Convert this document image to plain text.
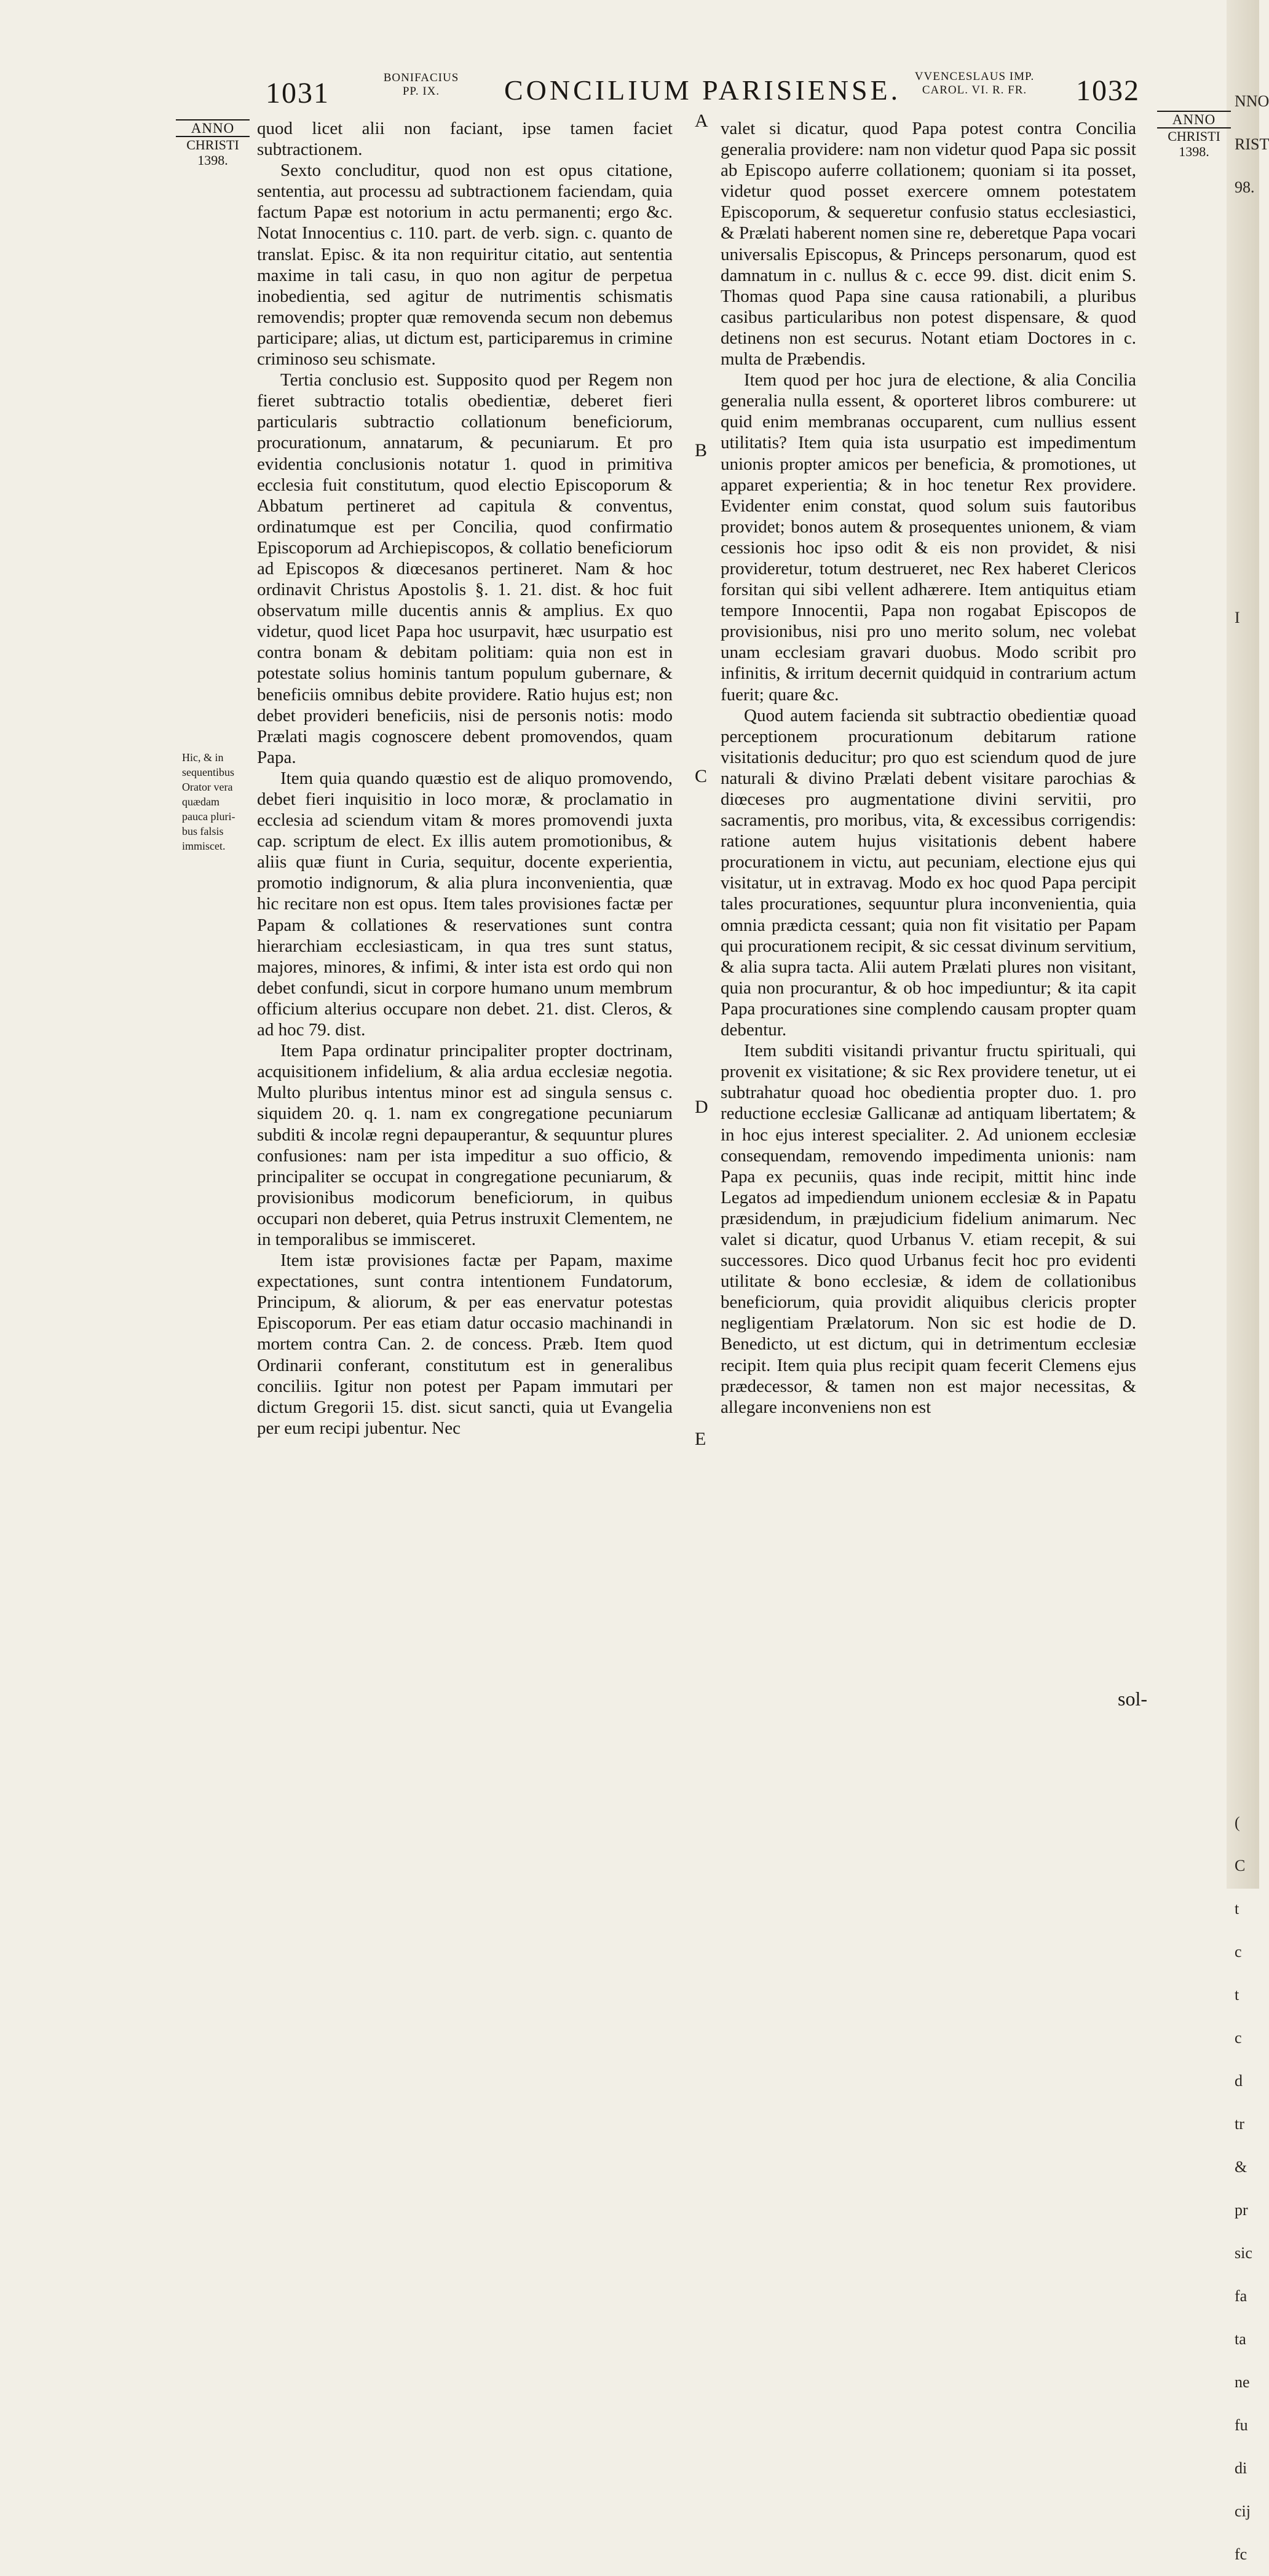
NNO
RIST
98.
I
(
C
t
c
t
c
d
tr
&
pr
sic
fa
ta
ne
fu
di
cij
fc
1031	BONIFACIUS
PP. IX.	CONCILIUM PARISIENSE.	VVENCESLAUS IMP.
CAROL. VI. R. FR.	1032
ANNO
CHRISTI
1398.
ANNO
CHRISTI
1398.
Hic, & in
sequentibus
Orator vera
quædam
pauca pluri-
bus falsis
immiscet.
A
B
C
D
E

quod licet alii non faciant, ipse tamen faciet subtractionem.

Sexto concluditur, quod non est opus citatione, sententia, aut processu ad subtractionem faciendam, quia factum Papæ est notorium in actu permanenti; ergo &c. Notat Innocentius c. 110. part. de verb. sign. c. quanto de translat. Episc. & ita non requiritur citatio, aut sententia maxime in tali casu, in quo non agitur de perpetua inobedientia, sed agitur de nutrimentis schismatis removendis; propter quæ removenda secum non debemus participare; alias, ut dictum est, participaremus in crimine criminoso seu schismate.

Tertia conclusio est. Supposito quod per Regem non fieret subtractio totalis obedientiæ, deberet fieri particularis subtractio collationum beneficiorum, procurationum, annatarum, & pecuniarum. Et pro evidentia conclusionis notatur 1. quod in primitiva ecclesia fuit constitutum, quod electio Episcoporum & Abbatum pertineret ad capitula & conventus, ordinatumque est per Concilia, quod confirmatio Episcoporum ad Archiepiscopos, & collatio beneficiorum ad Episcopos & diœcesanos pertineret. Nam & hoc ordinavit Christus Apostolis §. 1. 21. dist. & hoc fuit observatum mille ducentis annis & amplius. Ex quo videtur, quod licet Papa hoc usurpavit, hæc usurpatio est contra bonam & debitam politiam: quia non est in potestate solius hominis tantum populum gubernare, & beneficiis omnibus debite providere. Ratio hujus est; non debet provideri beneficiis, nisi de personis notis: modo Prælati magis cognoscere debent promovendos, quam Papa.

Item quia quando quæstio est de aliquo promovendo, debet fieri inquisitio in loco moræ, & proclamatio in ecclesia ad sciendum vitam & mores promovendi juxta cap. scriptum de elect. Ex illis autem promotionibus, & aliis quæ fiunt in Curia, sequitur, docente experientia, promotio indignorum, & alia plura inconvenientia, quæ hic recitare non est opus. Item tales provisiones factæ per Papam & collationes & reservationes sunt contra hierarchiam ecclesiasticam, in qua tres sunt status, majores, minores, & infimi, & inter ista est ordo qui non debet confundi, sicut in corpore humano unum membrum officium alterius occupare non debet. 21. dist. Cleros, & ad hoc 79. dist.

Item Papa ordinatur principaliter propter doctrinam, acquisitionem infidelium, & alia ardua ecclesiæ negotia. Multo pluribus intentus minor est ad singula sensus c. siquidem 20. q. 1. nam ex congregatione pecuniarum subditi & incolæ regni depauperantur, & sequuntur plures confusiones: nam per ista impeditur a suo officio, & principaliter se occupat in congregatione pecuniarum, & provisionibus modicorum beneficiorum, in quibus occupari non deberet, quia Petrus instruxit Clementem, ne in temporalibus se immisceret.

Item istæ provisiones factæ per Papam, maxime expectationes, sunt contra intentionem Fundatorum, Principum, & aliorum, & per eas enervatur potestas Episcoporum. Per eas etiam datur occasio machinandi in mortem contra Can. 2. de concess. Præb. Item quod Ordinarii conferant, constitutum est in generalibus conciliis. Igitur non potest per Papam immutari per dictum Gregorii 15. dist. sicut sancti, quia ut Evangelia per eum recipi jubentur. Nec

valet si dicatur, quod Papa potest contra Concilia generalia providere: nam non videtur quod Papa sic possit ab Episcopo auferre collationem; quoniam si ita posset, videtur quod posset exercere omnem potestatem Episcoporum, & sequeretur confusio status ecclesiastici, & Prælati haberent nomen sine re, deberetque Papa vocari universalis Episcopus, & Princeps personarum, quod est damnatum in c. nullus & c. ecce 99. dist. dicit enim S. Thomas quod Papa sine causa rationabili, a pluribus casibus particularibus non potest dispensare, & quod detinens non est securus. Notant etiam Doctores in c. multa de Præbendis.

Item quod per hoc jura de electione, & alia Concilia generalia nulla essent, & oporteret libros comburere: ut quid enim membranas occuparent, cum nullius essent utilitatis? Item quia ista usurpatio est impedimentum unionis propter amicos per beneficia, & promotiones, ut apparet experientia; & in hoc tenetur Rex providere. Evidenter enim constat, quod solum suis fautoribus providet; bonos autem & prosequentes unionem, & viam cessionis hoc ipso odit & eis non providet, & nisi provideretur, totum destrueret, nec Rex haberet Clericos forsitan qui sibi vellent adhærere. Item antiquitus etiam tempore Innocentii, Papa non rogabat Episcopos de provisionibus, nisi pro uno merito solum, nec volebat unam ecclesiam gravari duobus. Modo scribit pro infinitis, & irritum decernit quidquid in contrarium actum fuerit; quare &c.

Quod autem facienda sit subtractio obedientiæ quoad perceptionem procurationum debitarum ratione visitationis deducitur; pro quo est sciendum quod de jure naturali & divino Prælati debent visitare parochias & diœceses pro augmentatione divini servitii, pro sacramentis, pro moribus, vita, & excessibus corrigendis: ratione autem hujus visitationis debent habere procurationem in victu, aut pecuniam, electione ejus qui visitatur, ut in extravag. Modo ex hoc quod Papa percipit tales procurationes, sequuntur plura inconvenientia, quia omnia prædicta cessant; quia non fit visitatio per Papam qui procurationem recipit, & sic cessat divinum servitium, & alia supra tacta. Alii autem Prælati plures non visitant, quia non procurantur, & ob hoc impediuntur; & ita capit Papa procurationes sine complendo causam propter quam debentur.

Item subditi visitandi privantur fructu spirituali, qui provenit ex visitatione; & sic Rex providere tenetur, ut ei subtrahatur quoad hoc obedientia propter duo. 1. pro reductione ecclesiæ Gallicanæ ad antiquam libertatem; & in hoc ejus interest specialiter. 2. Ad unionem ecclesiæ consequendam, removendo impedimenta unionis: nam Papa ex pecuniis, quas inde recipit, mittit hinc inde Legatos ad impediendum unionem ecclesiæ & in Papatu præsidendum, in præjudicium fidelium animarum. Nec valet si dicatur, quod Urbanus V. etiam recepit, & sui successores. Dico quod Urbanus fecit hoc pro evidenti utilitate & bono ecclesiæ, & idem de collationibus beneficiorum, quia providit aliquibus clericis propter negligentiam Prælatorum. Non sic est hodie de D. Benedicto, ut est dictum, qui in detrimentum ecclesiæ recipit. Item quia plus recipit quam fecerit Clemens ejus prædecessor, & tamen non est major necessitas, & allegare inconveniens non est

sol-
